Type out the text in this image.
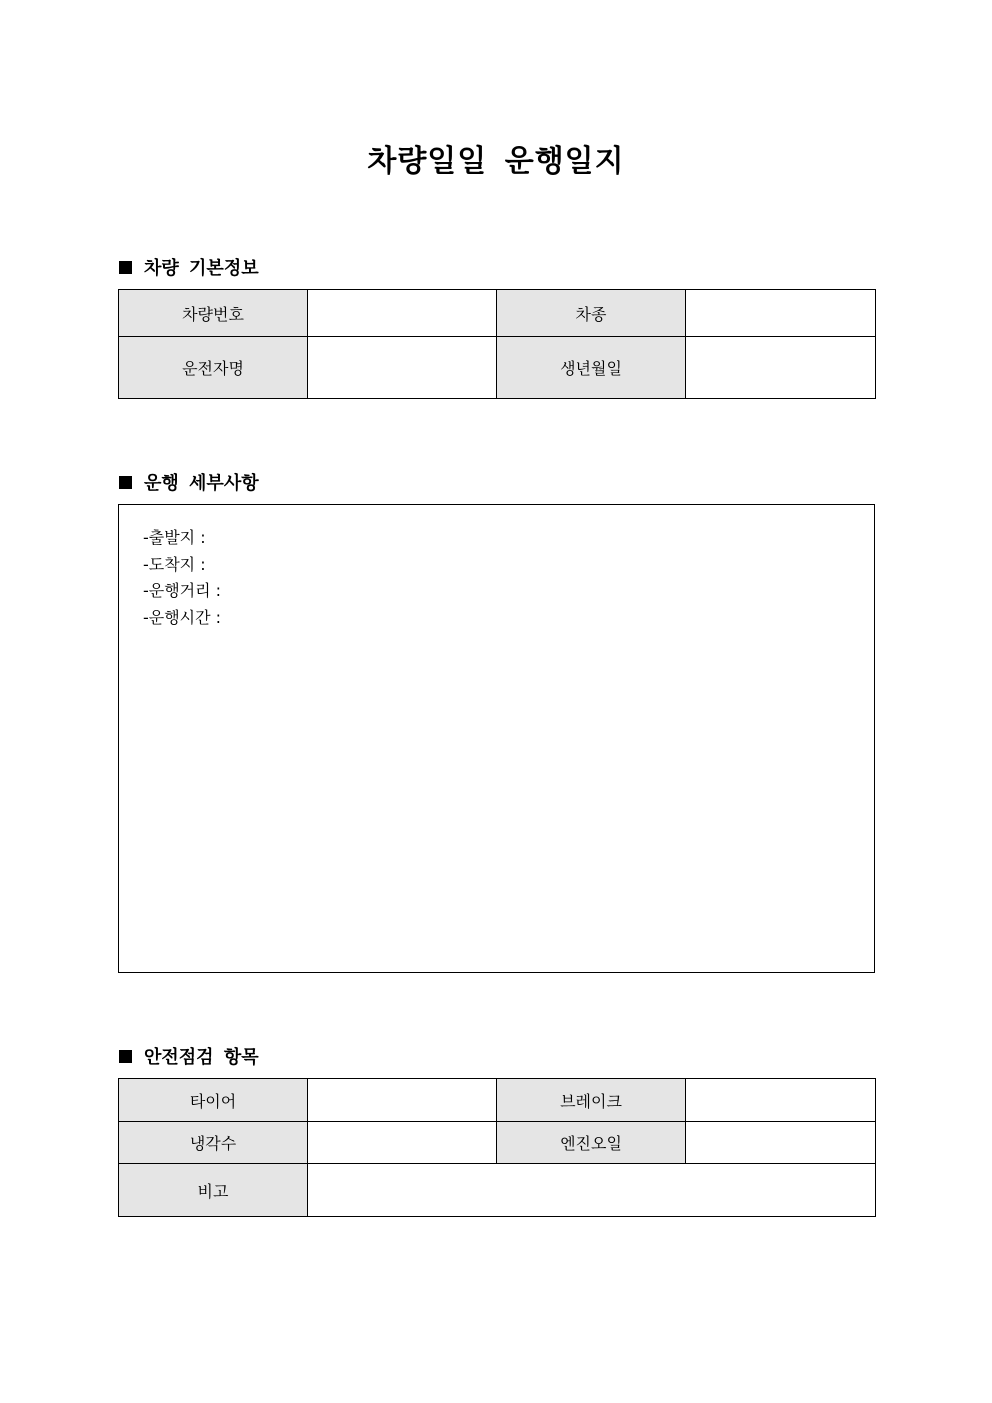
차량일일 운행일지
차량 기본정보
차량번호		차종	
운전자명		생년월일	
운행 세부사항
-출발지 :
-도착지 :
-운행거리 :
-운행시간 :
안전점검 항목
타이어		브레이크	
냉각수		엔진오일	
비고			
